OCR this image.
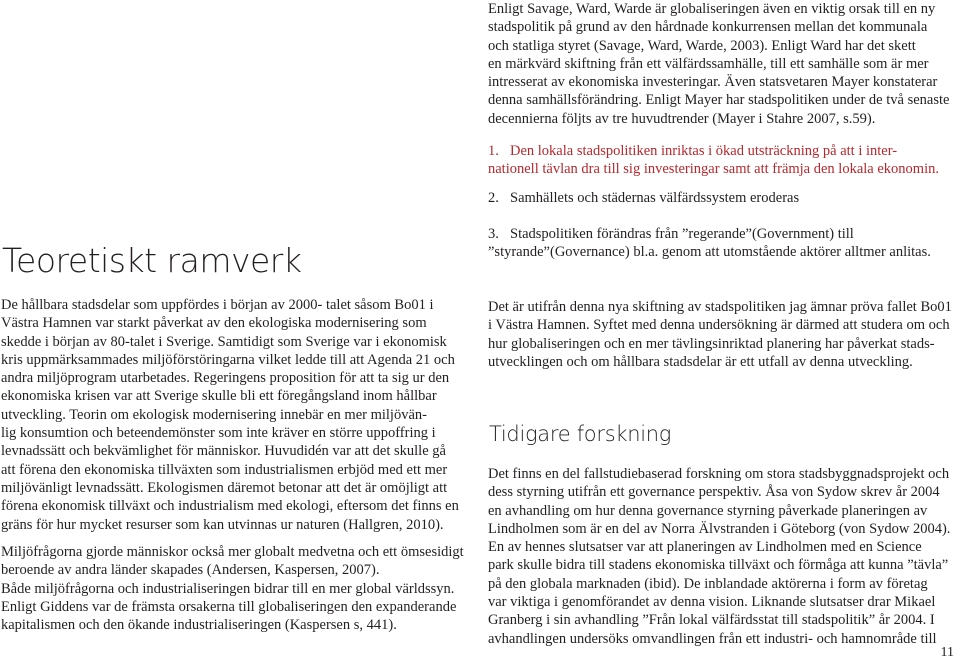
Enligt Savage, Ward, Warde är globaliseringen även en viktig orsak till en ny

stadspolitik på grund av den hårdnade konkurrensen mellan det kommunala

och statliga styret (Savage, Ward, Warde, 2003). Enligt Ward har det skett

en märkvärd skiftning från ett välfärdssamhälle, till ett samhälle som är mer

intresserat av ekonomiska investeringar. Även statsvetaren Mayer konstaterar

denna samhällsförändring. Enligt Mayer har stadspolitiken under de två senaste

decennierna följts av tre huvudtrender (Mayer i Stahre 2007, s.59).

1. Den lokala stadspolitiken inriktas i ökad utsträckning på att i inter-

nationell tävlan dra till sig investeringar samt att främja den lokala ekonomin.

2. Samhällets och städernas välfärdssystem eroderas

3. Stadspolitiken förändras från ”regerande”(Government) till

”styrande”(Governance) bl.a. genom att utomstående aktörer alltmer anlitas.

Teoretiskt ramverk

De hållbara stadsdelar som uppfördes i början av 2000- talet såsom Bo01 i

Västra Hamnen var starkt påverkat av den ekologiska modernisering som

skedde i början av 80-talet i Sverige. Samtidigt som Sverige var i ekonomisk

kris uppmärksammades miljöförstöringarna vilket ledde till att Agenda 21 och

andra miljöprogram utarbetades. Regeringens proposition för att ta sig ur den

ekonomiska krisen var att Sverige skulle bli ett föregångsland inom hållbar

utveckling. Teorin om ekologisk modernisering innebär en mer miljövän-

lig konsumtion och beteendemönster som inte kräver en större uppoffring i

levnadssätt och bekvämlighet för människor. Huvudidén var att det skulle gå

att förena den ekonomiska tillväxten som industrialismen erbjöd med ett mer

miljövänligt levnadssätt. Ekologismen däremot betonar att det är omöjligt att

förena ekonomisk tillväxt och industrialism med ekologi, eftersom det finns en

gräns för hur mycket resurser som kan utvinnas ur naturen (Hallgren, 2010).

Miljöfrågorna gjorde människor också mer globalt medvetna och ett ömsesidigt

beroende av andra länder skapades (Andersen, Kaspersen, 2007).

Både miljöfrågorna och industrialiseringen bidrar till en mer global världssyn.

Enligt Giddens var de främsta orsakerna till globaliseringen den expanderande

kapitalismen och den ökande industrialiseringen (Kaspersen s, 441).

Det är utifrån denna nya skiftning av stadspolitiken jag ämnar pröva fallet Bo01

i Västra Hamnen. Syftet med denna undersökning är därmed att studera om och

hur globaliseringen och en mer tävlingsinriktad planering har påverkat stads-

utvecklingen och om hållbara stadsdelar är ett utfall av denna utveckling.

Tidigare forskning

Det finns en del fallstudiebaserad forskning om stora stadsbyggnadsprojekt och

dess styrning utifrån ett governance perspektiv. Åsa von Sydow skrev år 2004

en avhandling om hur denna governance styrning påverkade planeringen av

Lindholmen som är en del av Norra Älvstranden i Göteborg (von Sydow 2004).

En av hennes slutsatser var att planeringen av Lindholmen med en Science

park skulle bidra till stadens ekonomiska tillväxt och förmåga att kunna ”tävla”

på den globala marknaden (ibid). De inblandade aktörerna i form av företag

var viktiga i genomförandet av denna vision. Liknande slutsatser drar Mikael

Granberg i sin avhandling ”Från lokal välfärdsstat till stadspolitik” år 2004. I

avhandlingen undersöks omvandlingen från ett industri- och hamnområde till

11
